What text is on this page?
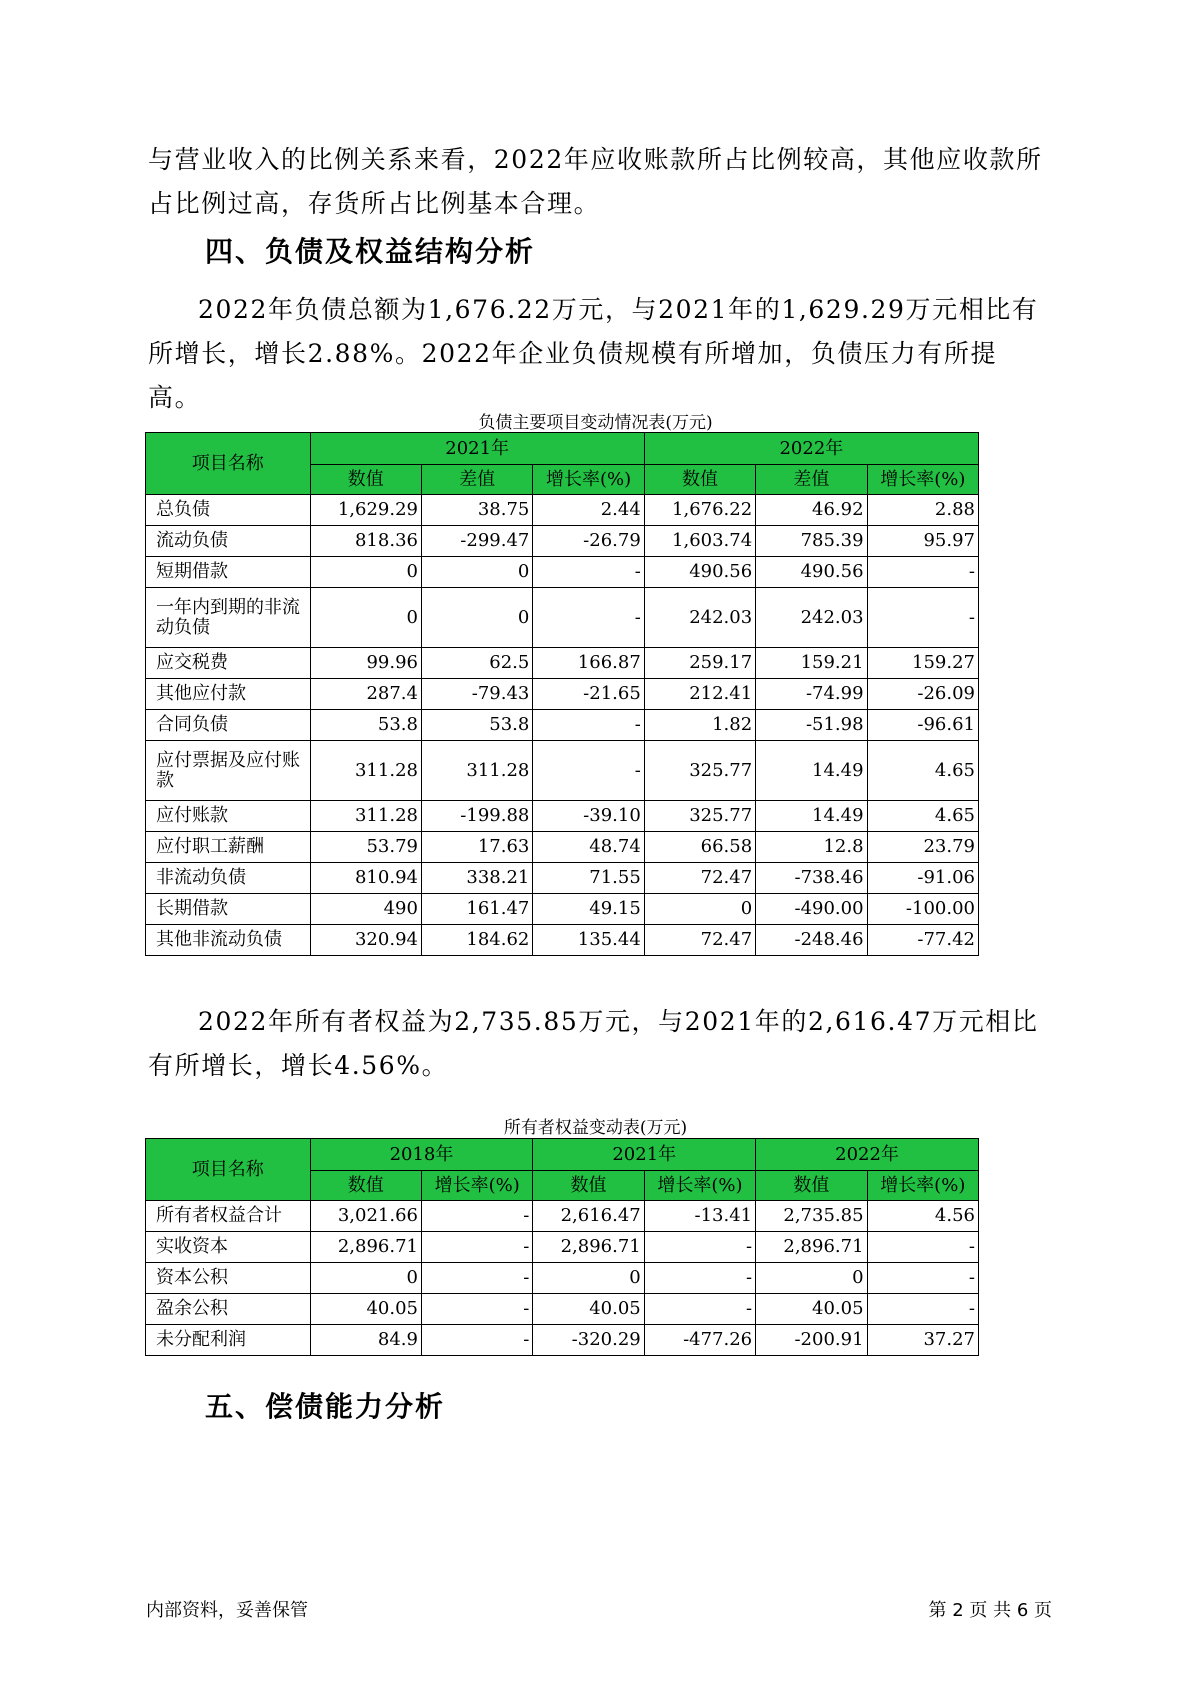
与营业收入的比例关系来看，2022年应收账款所占比例较高，其他应收款所占比例过高，存货所占比例基本合理。

四、负债及权益结构分析

2022年负债总额为1,676.22万元，与2021年的1,629.29万元相比有所增长，增长2.88%。2022年企业负债规模有所增加，负债压力有所提高。

负债主要项目变动情况表(万元)

项目名称	2021年			2022年		
	数值	差值	增长率(%)	数值	差值	增长率(%)
总负债	1,629.29	38.75	2.44	1,676.22	46.92	2.88
流动负债	818.36	-299.47	-26.79	1,603.74	785.39	95.97
短期借款	0	0	-	490.56	490.56	-
一年内到期的非流动负债	0	0	-	242.03	242.03	-
应交税费	99.96	62.5	166.87	259.17	159.21	159.27
其他应付款	287.4	-79.43	-21.65	212.41	-74.99	-26.09
合同负债	53.8	53.8	-	1.82	-51.98	-96.61
应付票据及应付账款	311.28	311.28	-	325.77	14.49	4.65
应付账款	311.28	-199.88	-39.10	325.77	14.49	4.65
应付职工薪酬	53.79	17.63	48.74	66.58	12.8	23.79
非流动负债	810.94	338.21	71.55	72.47	-738.46	-91.06
长期借款	490	161.47	49.15	0	-490.00	-100.00
其他非流动负债	320.94	184.62	135.44	72.47	-248.46	-77.42

2022年所有者权益为2,735.85万元，与2021年的2,616.47万元相比有所增长，增长4.56%。

所有者权益变动表(万元)

项目名称	2018年		2021年		2022年	
	数值	增长率(%)	数值	增长率(%)	数值	增长率(%)
所有者权益合计	3,021.66	-	2,616.47	-13.41	2,735.85	4.56
实收资本	2,896.71	-	2,896.71	-	2,896.71	-
资本公积	0	-	0	-	0	-
盈余公积	40.05	-	40.05	-	40.05	-
未分配利润	84.9	-	-320.29	-477.26	-200.91	37.27
五、偿债能力分析
内部资料，妥善保管	第 2 页 共 6 页
